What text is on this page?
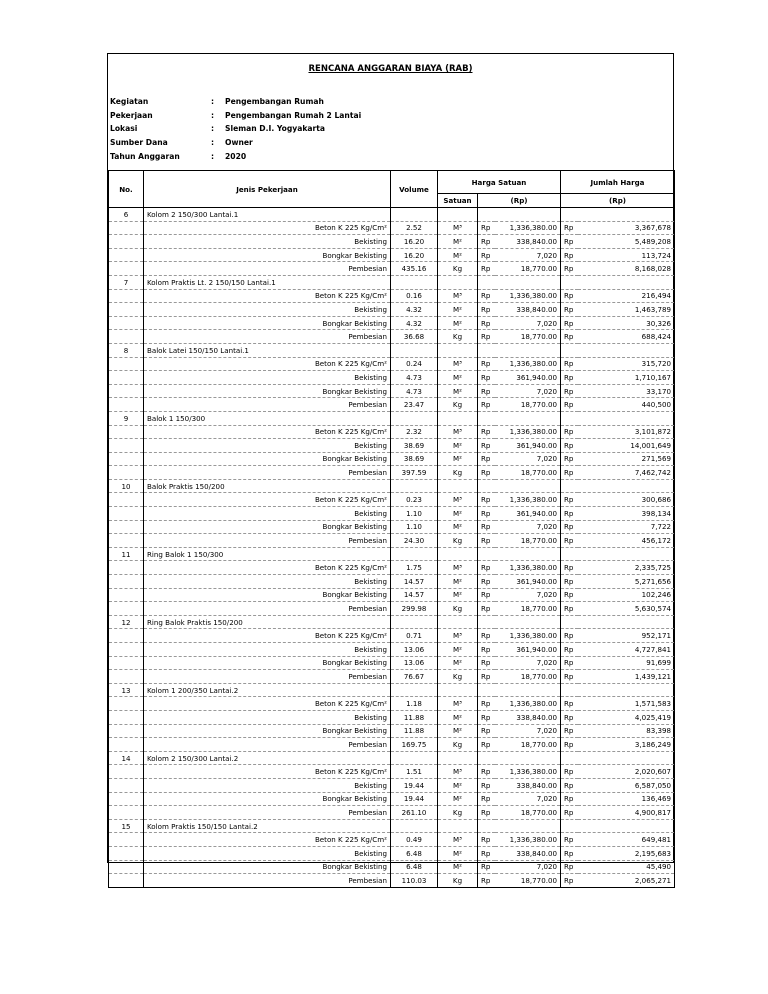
RENCANA ANGGARAN BIAYA (RAB)
Kegiatan	: Pengembangan Rumah
Pekerjaan	: Pengembangan Rumah 2 Lantai
Lokasi	: Sleman D.I. Yogyakarta
Sumber Dana	: Owner
Tahun Anggaran	: 2020
No.	Jenis Pekerjaan	Volume	Harga Satuan			Jumlah Harga	
			Satuan	(Rp)		(Rp)	
6	Kolom 2 150/300 Lantai.1						
	Beton K 225 Kg/Cm²	2.52	M³	Rp	1,336,380.00	Rp	3,367,678
	Bekisting	16.20	M²	Rp	338,840.00	Rp	5,489,208
	Bongkar Bekisting	16.20	M²	Rp	7,020	Rp	113,724
	Pembesian	435.16	Kg	Rp	18,770.00	Rp	8,168,028
7	Kolom Praktis Lt. 2 150/150 Lantai.1						
	Beton K 225 Kg/Cm²	0.16	M³	Rp	1,336,380.00	Rp	216,494
	Bekisting	4.32	M²	Rp	338,840.00	Rp	1,463,789
	Bongkar Bekisting	4.32	M²	Rp	7,020	Rp	30,326
	Pembesian	36.68	Kg	Rp	18,770.00	Rp	688,424
8	Balok Latei 150/150 Lantai.1						
	Beton K 225 Kg/Cm²	0.24	M³	Rp	1,336,380.00	Rp	315,720
	Bekisting	4.73	M²	Rp	361,940.00	Rp	1,710,167
	Bongkar Bekisting	4.73	M²	Rp	7,020	Rp	33,170
	Pembesian	23.47	Kg	Rp	18,770.00	Rp	440,500
9	Balok 1 150/300						
	Beton K 225 Kg/Cm²	2.32	M³	Rp	1,336,380.00	Rp	3,101,872
	Bekisting	38.69	M²	Rp	361,940.00	Rp	14,001,649
	Bongkar Bekisting	38.69	M²	Rp	7,020	Rp	271,569
	Pembesian	397.59	Kg	Rp	18,770.00	Rp	7,462,742
10	Balok Praktis 150/200						
	Beton K 225 Kg/Cm²	0.23	M³	Rp	1,336,380.00	Rp	300,686
	Bekisting	1.10	M²	Rp	361,940.00	Rp	398,134
	Bongkar Bekisting	1.10	M²	Rp	7,020	Rp	7,722
	Pembesian	24.30	Kg	Rp	18,770.00	Rp	456,172
11	Ring Balok 1 150/300						
	Beton K 225 Kg/Cm²	1.75	M³	Rp	1,336,380.00	Rp	2,335,725
	Bekisting	14.57	M²	Rp	361,940.00	Rp	5,271,656
	Bongkar Bekisting	14.57	M²	Rp	7,020	Rp	102,246
	Pembesian	299.98	Kg	Rp	18,770.00	Rp	5,630,574
12	Ring Balok Praktis 150/200						
	Beton K 225 Kg/Cm²	0.71	M³	Rp	1,336,380.00	Rp	952,171
	Bekisting	13.06	M²	Rp	361,940.00	Rp	4,727,841
	Bongkar Bekisting	13.06	M²	Rp	7,020	Rp	91,699
	Pembesian	76.67	Kg	Rp	18,770.00	Rp	1,439,121
13	Kolom 1 200/350 Lantai.2						
	Beton K 225 Kg/Cm²	1.18	M³	Rp	1,336,380.00	Rp	1,571,583
	Bekisting	11.88	M²	Rp	338,840.00	Rp	4,025,419
	Bongkar Bekisting	11.88	M²	Rp	7,020	Rp	83,398
	Pembesian	169.75	Kg	Rp	18,770.00	Rp	3,186,249
14	Kolom 2 150/300 Lantai.2						
	Beton K 225 Kg/Cm²	1.51	M³	Rp	1,336,380.00	Rp	2,020,607
	Bekisting	19.44	M²	Rp	338,840.00	Rp	6,587,050
	Bongkar Bekisting	19.44	M²	Rp	7,020	Rp	136,469
	Pembesian	261.10	Kg	Rp	18,770.00	Rp	4,900,817
15	Kolom Praktis 150/150 Lantai.2						
	Beton K 225 Kg/Cm²	0.49	M³	Rp	1,336,380.00	Rp	649,481
	Bekisting	6.48	M²	Rp	338,840.00	Rp	2,195,683
	Bongkar Bekisting	6.48	M²	Rp	7,020	Rp	45,490
	Pembesian	110.03	Kg	Rp	18,770.00	Rp	2,065,271
